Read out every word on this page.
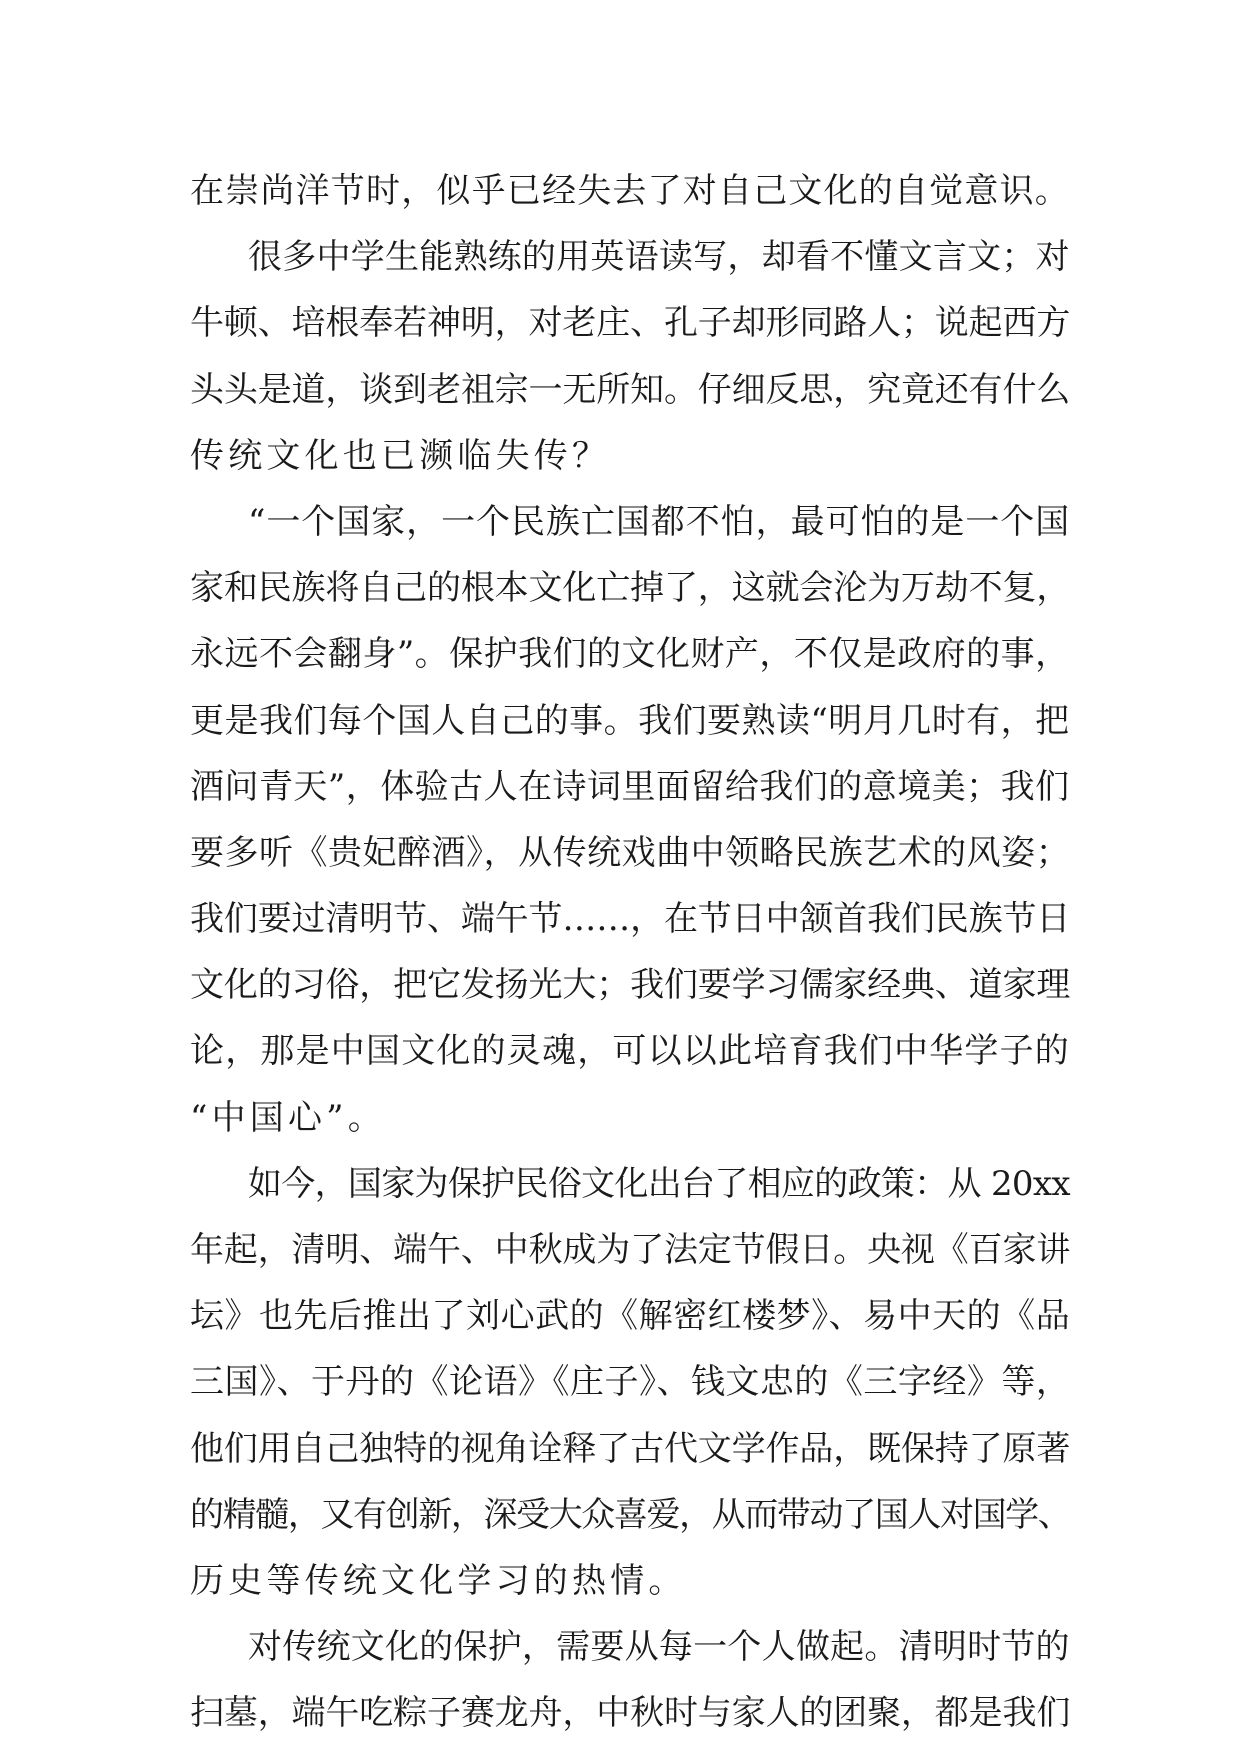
在崇尚洋节时，似乎已经失去了对自己文化的自觉意识。
很多中学生能熟练的用英语读写，却看不懂文言文；对
牛顿、培根奉若神明，对老庄、孔子却形同路人；说起西方
头头是道，谈到老祖宗一无所知。仔细反思，究竟还有什么
传统文化也已濒临失传？
“一个国家，一个民族亡国都不怕，最可怕的是一个国
家和民族将自己的根本文化亡掉了，这就会沦为万劫不复，
永远不会翻身”。保护我们的文化财产，不仅是政府的事，
更是我们每个国人自己的事。我们要熟读“明月几时有，把
酒问青天”，体验古人在诗词里面留给我们的意境美；我们
要多听《贵妃醉酒》，从传统戏曲中领略民族艺术的风姿；
我们要过清明节、端午节……，在节日中颔首我们民族节日
文化的习俗，把它发扬光大；我们要学习儒家经典、道家理
论，那是中国文化的灵魂，可以以此培育我们中华学子的
“中国心”。
如今，国家为保护民俗文化出台了相应的政策：从 20xx
年起，清明、端午、中秋成为了法定节假日。央视《百家讲
坛》也先后推出了刘心武的《解密红楼梦》、易中天的《品
三国》、于丹的《论语》《庄子》、钱文忠的《三字经》等，
他们用自己独特的视角诠释了古代文学作品，既保持了原著
的精髓，又有创新，深受大众喜爱，从而带动了国人对国学、
历史等传统文化学习的热情。
对传统文化的保护，需要从每一个人做起。清明时节的
扫墓，端午吃粽子赛龙舟，中秋时与家人的团聚，都是我们
